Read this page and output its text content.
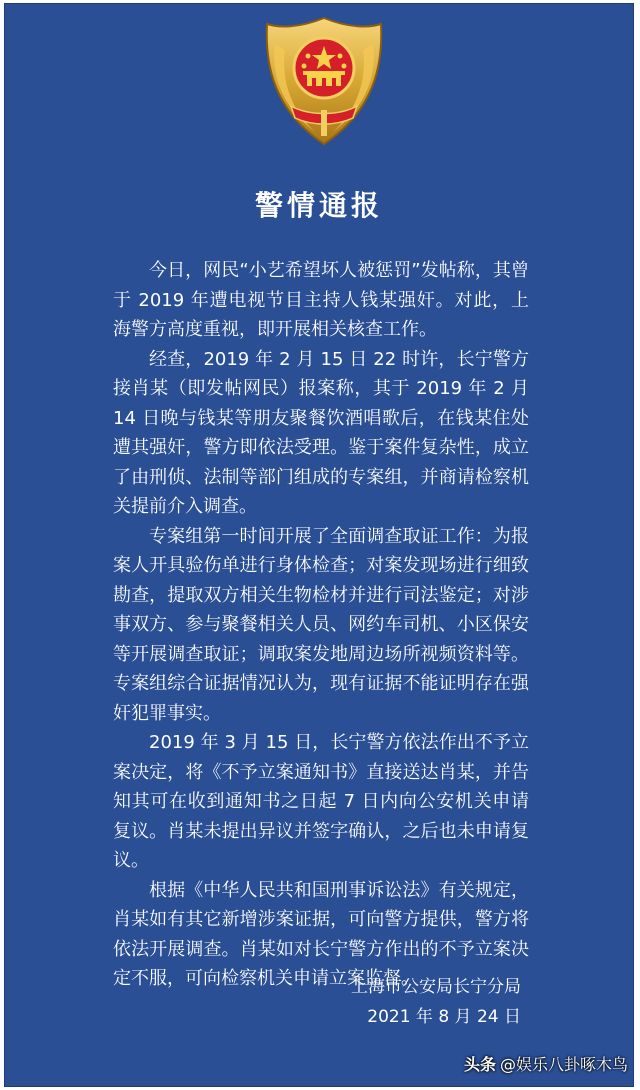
警情通报

今日，网民“小艺希望坏人被惩罚”发帖称，其曾于 2019 年遭电视节目主持人钱某强奸。对此，上海警方高度重视，即开展相关核查工作。

经查，2019 年 2 月 15 日 22 时许，长宁警方接肖某（即发帖网民）报案称，其于 2019 年 2 月 14 日晚与钱某等朋友聚餐饮酒唱歌后，在钱某住处遭其强奸，警方即依法受理。鉴于案件复杂性，成立了由刑侦、法制等部门组成的专案组，并商请检察机关提前介入调查。

专案组第一时间开展了全面调查取证工作：为报案人开具验伤单进行身体检查；对案发现场进行细致勘查，提取双方相关生物检材并进行司法鉴定；对涉事双方、参与聚餐相关人员、网约车司机、小区保安等开展调查取证；调取案发地周边场所视频资料等。专案组综合证据情况认为，现有证据不能证明存在强奸犯罪事实。

2019 年 3 月 15 日，长宁警方依法作出不予立案决定，将《不予立案通知书》直接送达肖某，并告知其可在收到通知书之日起 7 日内向公安机关申请复议。肖某未提出异议并签字确认，之后也未申请复议。

根据《中华人民共和国刑事诉讼法》有关规定，肖某如有其它新增涉案证据，可向警方提供，警方将依法开展调查。肖某如对长宁警方作出的不予立案决定不服，可向检察机关申请立案监督。

上海市公安局长宁分局
2021 年 8 月 24 日
头条 @娱乐八卦啄木鸟
